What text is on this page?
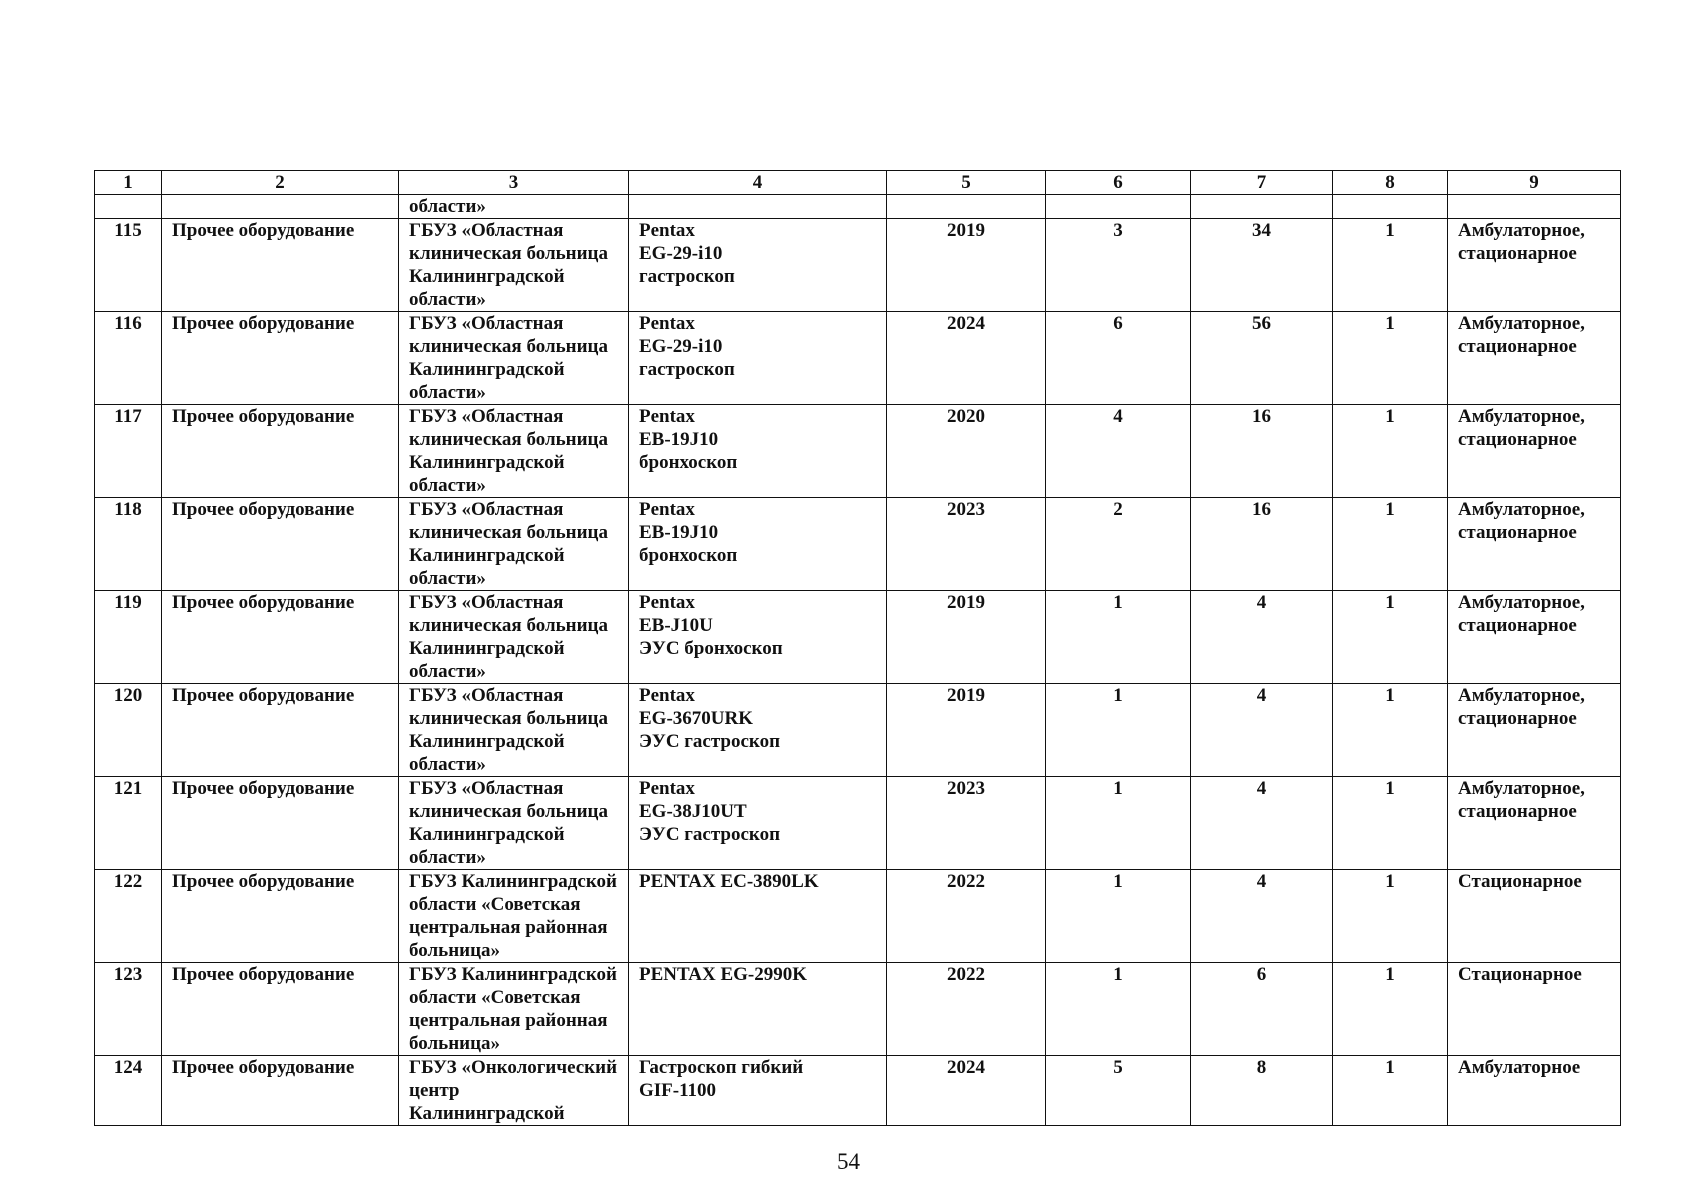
1	2	3	4	5	6	7	8	9
		области»						
115	Прочее оборудование	ГБУЗ «Областная
клиническая больница
Калининградской
области»	Pentax
EG-29-i10
гастроскоп	2019	3	34	1	Амбулаторное,
стационарное
116	Прочее оборудование	ГБУЗ «Областная
клиническая больница
Калининградской
области»	Pentax
EG-29-i10
гастроскоп	2024	6	56	1	Амбулаторное,
стационарное
117	Прочее оборудование	ГБУЗ «Областная
клиническая больница
Калининградской
области»	Pentax
EB-19J10
бронхоскоп	2020	4	16	1	Амбулаторное,
стационарное
118	Прочее оборудование	ГБУЗ «Областная
клиническая больница
Калининградской
области»	Pentax
EB-19J10
бронхоскоп	2023	2	16	1	Амбулаторное,
стационарное
119	Прочее оборудование	ГБУЗ «Областная
клиническая больница
Калининградской
области»	Pentax
EB-J10U
ЭУС бронхоскоп	2019	1	4	1	Амбулаторное,
стационарное
120	Прочее оборудование	ГБУЗ «Областная
клиническая больница
Калининградской
области»	Pentax
EG-3670URK
ЭУС гастроскоп	2019	1	4	1	Амбулаторное,
стационарное
121	Прочее оборудование	ГБУЗ «Областная
клиническая больница
Калининградской
области»	Pentax
EG-38J10UT
ЭУС гастроскоп	2023	1	4	1	Амбулаторное,
стационарное
122	Прочее оборудование	ГБУЗ Калининградской
области «Советская
центральная районная
больница»	PENTAX EC-3890LK	2022	1	4	1	Стационарное
123	Прочее оборудование	ГБУЗ Калининградской
области «Советская
центральная районная
больница»	PENTAX EG-2990K	2022	1	6	1	Стационарное
124	Прочее оборудование	ГБУЗ «Онкологический
центр
Калининградской	Гастроскоп гибкий
GIF-1100	2024	5	8	1	Амбулаторное
54
